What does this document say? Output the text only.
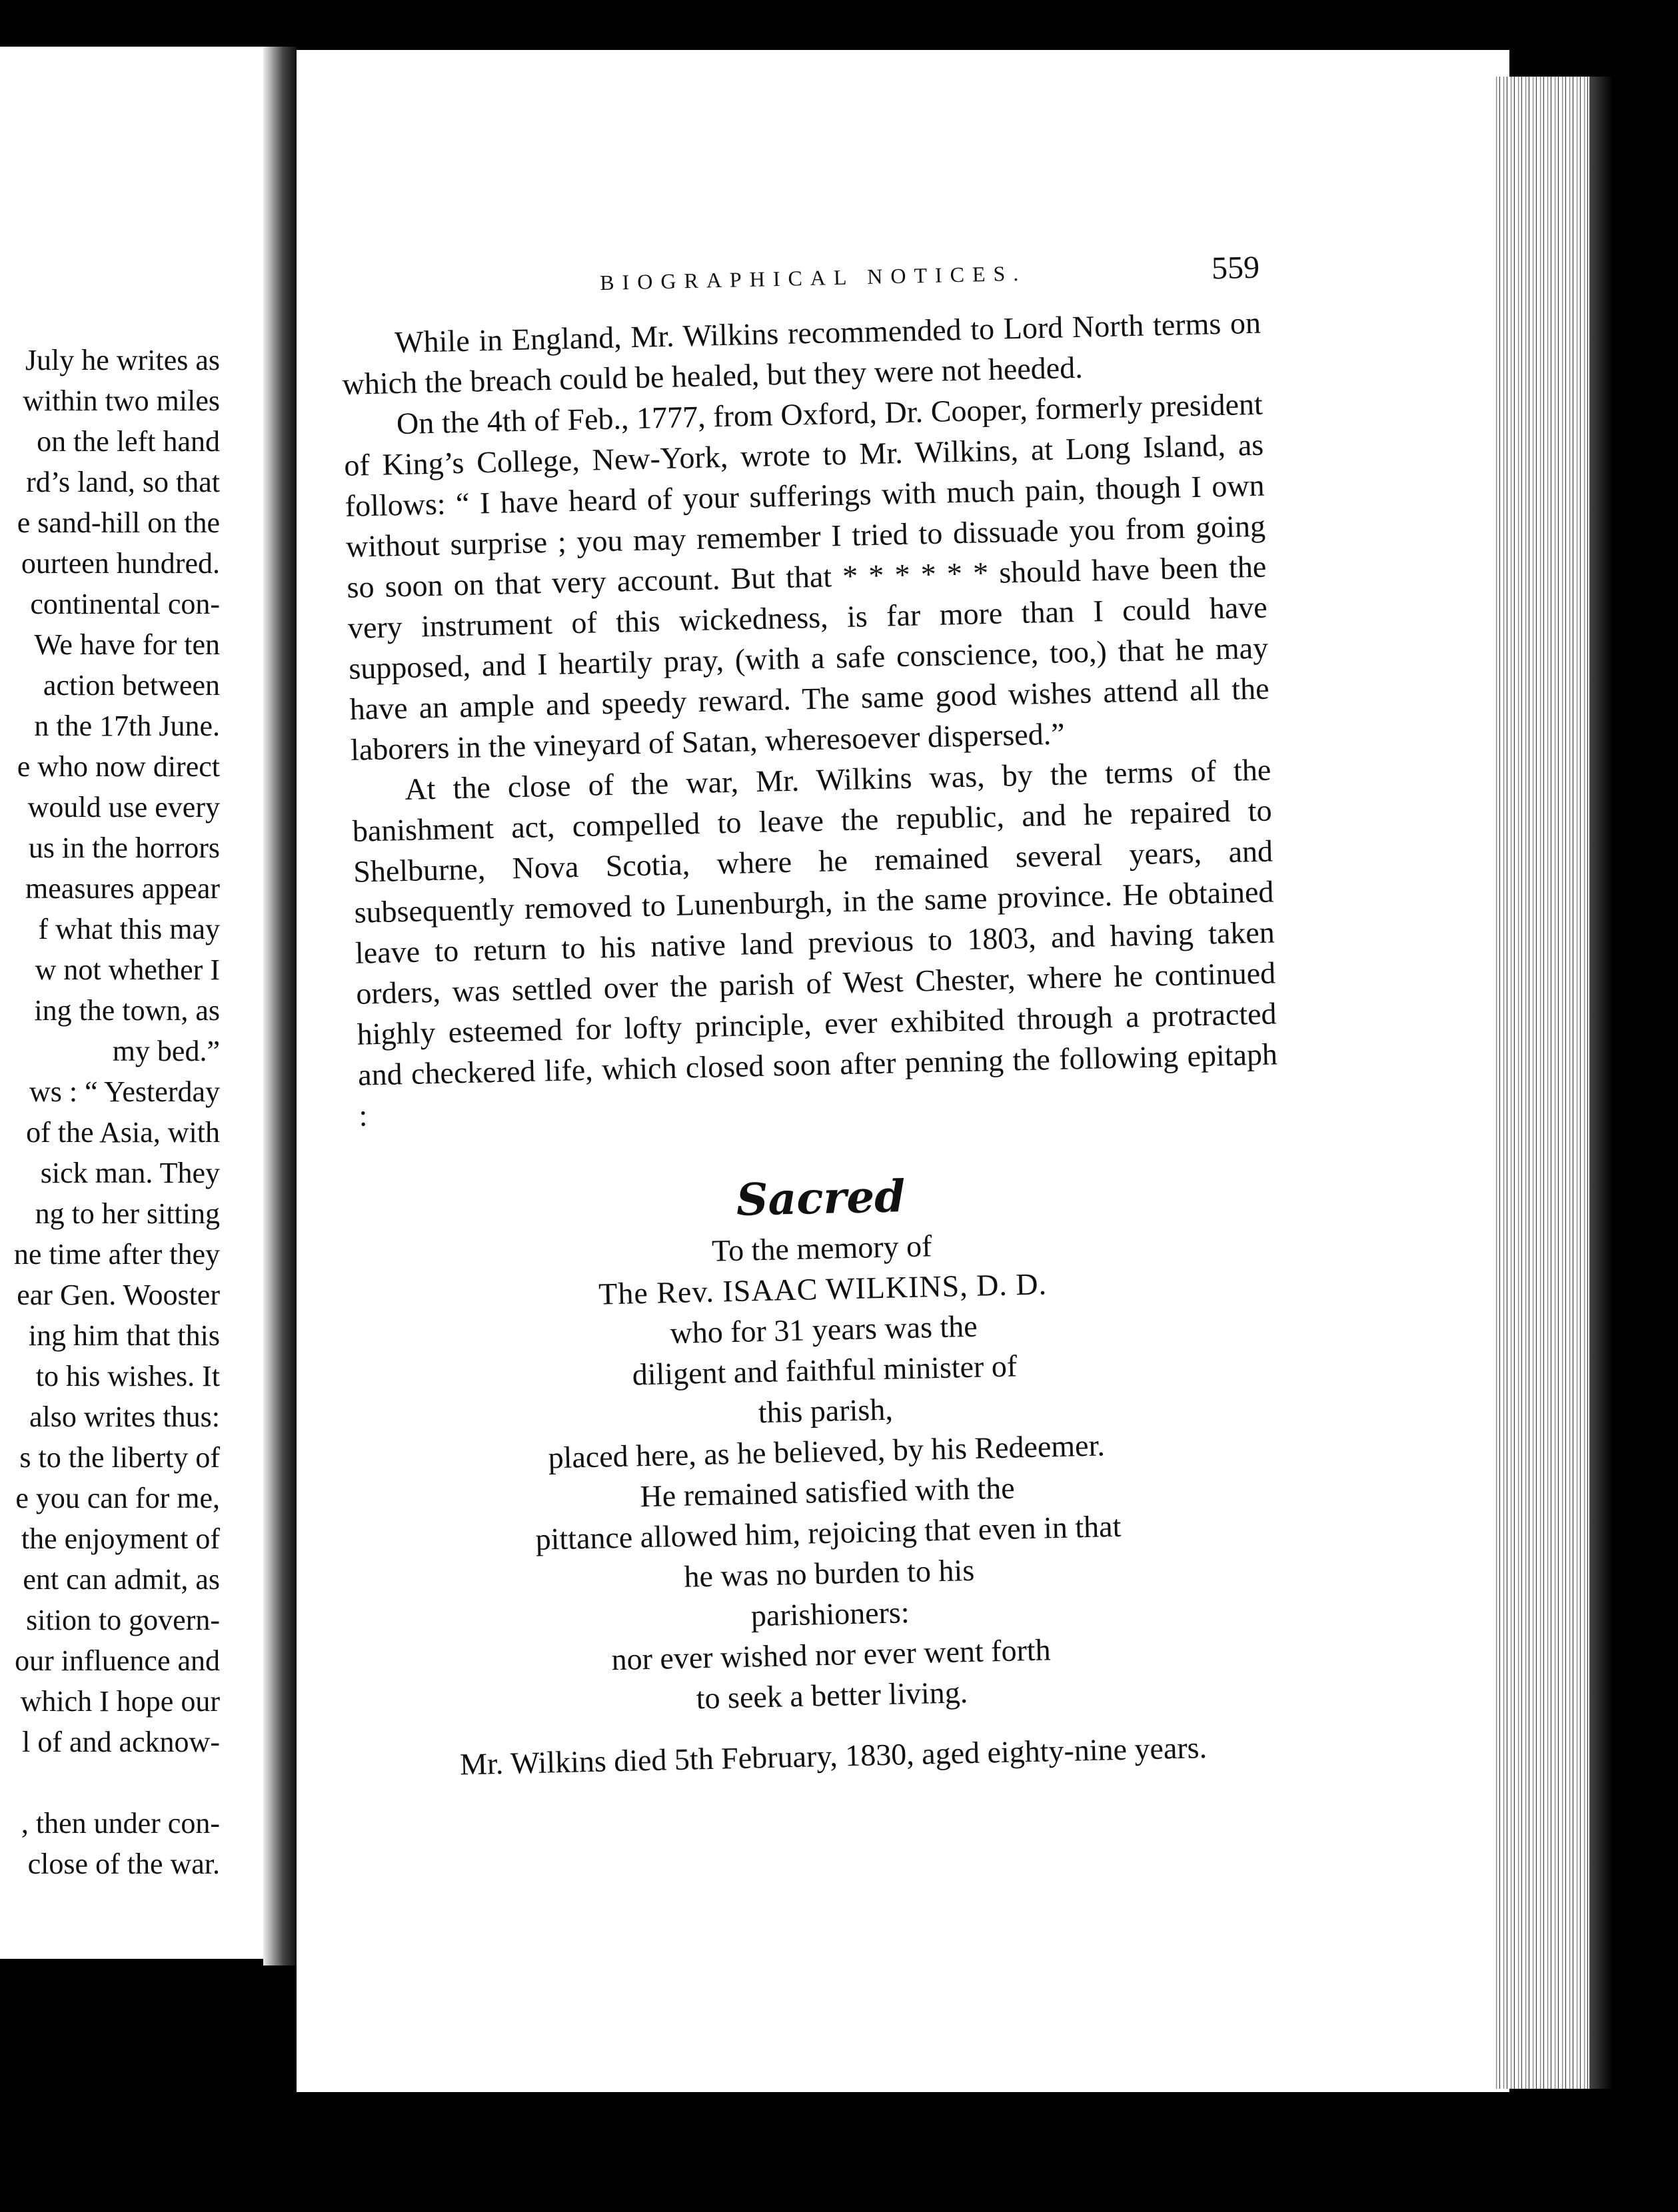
July he writes as
within two miles
on the left hand
rd’s land, so that
e sand-hill on the
ourteen hundred.
continental con-
We have for ten
action between
n the 17th June.
e who now direct
would use every
us in the horrors
measures appear
f what this may
w not whether I
ing the town, as
my bed.”
ws : “ Yesterday
of the Asia, with
sick man. They
ng to her sitting
ne time after they
ear Gen. Wooster
ing him that this
to his wishes. It
also writes thus:
s to the liberty of
e you can for me,
the enjoyment of
ent can admit, as
sition to govern-
our influence and
which I hope our
l of and acknow-
, then under con-
close of the war.
BIOGRAPHICAL NOTICES.	559

While in England, Mr. Wilkins recommended to Lord North terms on which the breach could be healed, but they were not heeded.

On the 4th of Feb., 1777, from Oxford, Dr. Cooper, formerly president of King’s College, New-York, wrote to Mr. Wilkins, at Long Island, as follows: “ I have heard of your sufferings with much pain, though I own without surprise ; you may remember I tried to dissuade you from going so soon on that very account. But that * * * * * * should have been the very instrument of this wickedness, is far more than I could have supposed, and I heartily pray, (with a safe conscience, too,) that he may have an ample and speedy reward. The same good wishes attend all the laborers in the vineyard of Satan, wheresoever dispersed.”

At the close of the war, Mr. Wilkins was, by the terms of the banishment act, compelled to leave the republic, and he repaired to Shelburne, Nova Scotia, where he remained several years, and subsequently removed to Lunenburgh, in the same province. He obtained leave to return to his native land previous to 1803, and having taken orders, was settled over the parish of West Chester, where he continued highly esteemed for lofty principle, ever exhibited through a protracted and checkered life, which closed soon after penning the following epitaph :

Sacred
To the memory of
The Rev. ISAAC WILKINS, D. D.
who for 31 years was the
diligent and faithful minister of
this parish,
placed here, as he believed, by his Redeemer.
He remained satisfied with the
pittance allowed him, rejoicing that even in that
he was no burden to his
parishioners:
nor ever wished nor ever went forth
to seek a better living.
Mr. Wilkins died 5th February, 1830, aged eighty-nine years.
